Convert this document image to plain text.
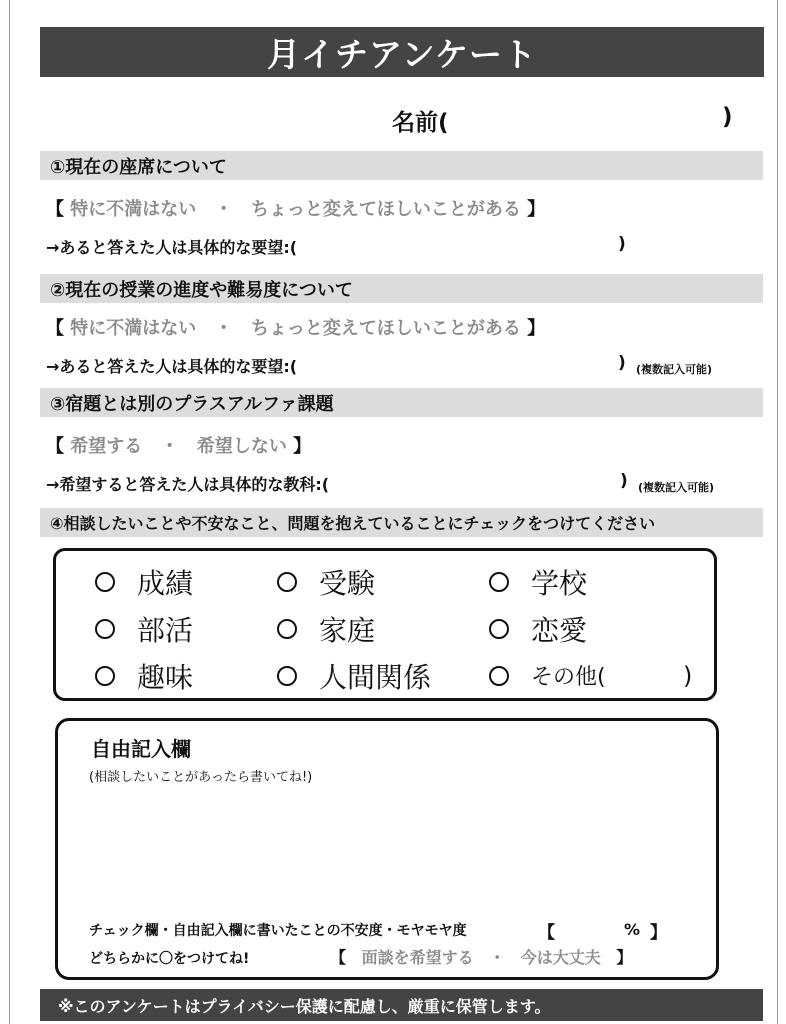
月イチアンケート
名前(	)
①現在の座席について
【 特に不満はない ・ ちょっと変えてほしいことがある 】
→あると答えた人は具体的な要望:(	)
②現在の授業の進度や難易度について
【 特に不満はない ・ ちょっと変えてほしいことがある 】
→あると答えた人は具体的な要望:(	) (複数記入可能)
③宿題とは別のプラスアルファ課題
【 希望する ・ 希望しない 】
→希望すると答えた人は具体的な教科:(	) (複数記入可能)
④相談したいことや不安なこと、問題を抱えていることにチェックをつけてください
成績	受験	学校
部活	家庭	恋愛
趣味	人間関係	その他(	)
自由記入欄
(相談したいことがあったら書いてね!)
チェック欄・自由記入欄に書いたことの不安度・モヤモヤ度	【	% 】
どちらかに〇をつけてね!	【 面談を希望する ・ 今は大丈夫 】
※このアンケートはプライバシー保護に配慮し、厳重に保管します。
